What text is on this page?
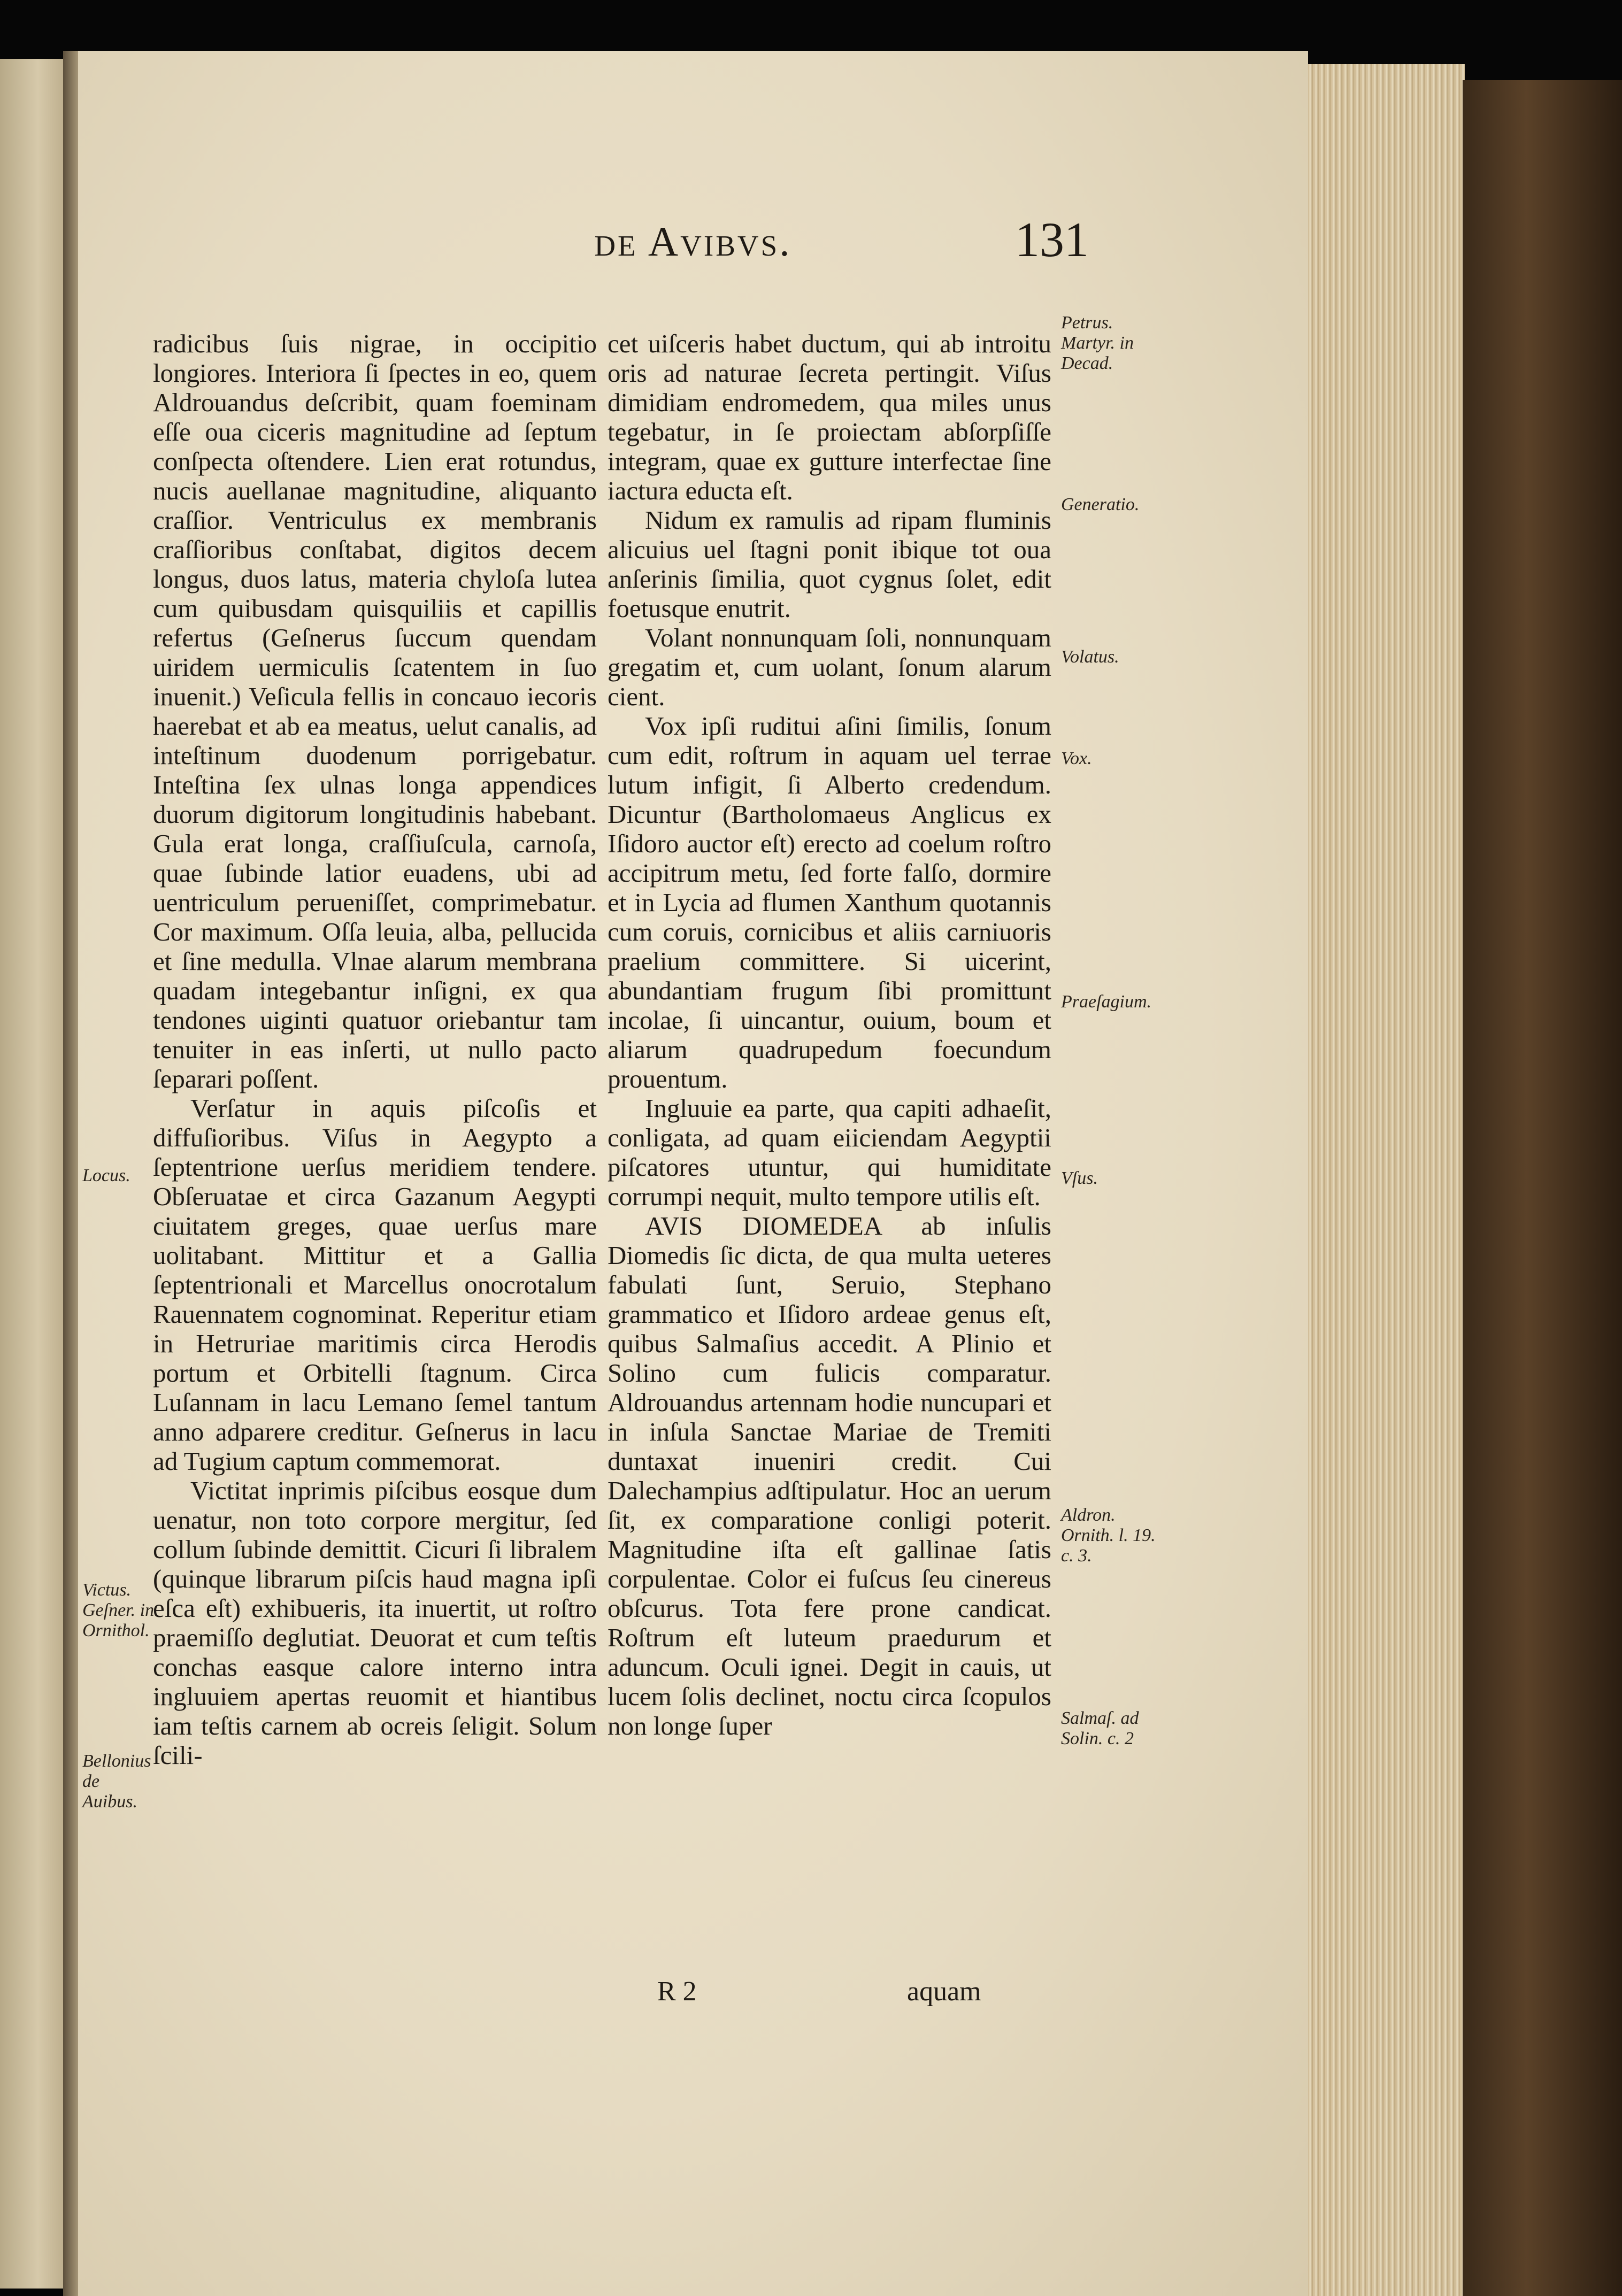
de Avibvs.	131

radicibus ſuis nigrae, in occipitio longiores. Interiora ſi ſpectes in eo, quem Aldrouandus deſcribit, quam foeminam eſſe oua ciceris magnitudine ad ſeptum conſpecta oſtendere. Lien erat rotundus, nucis auellanae magnitudine, aliquanto craſſior. Ventriculus ex membranis craſſioribus conſtabat, digitos decem longus, duos latus, materia chyloſa lutea cum quibusdam quisquiliis et capillis refertus (Geſnerus ſuccum quendam uiridem uermiculis ſcatentem in ſuo inuenit.) Veſicula fellis in concauo iecoris haerebat et ab ea meatus, uelut canalis, ad inteſtinum duodenum porrigebatur. Inteſtina ſex ulnas longa appendices duorum digitorum longitudinis habebant. Gula erat longa, craſſiuſcula, carnoſa, quae ſubinde latior euadens, ubi ad uentriculum perueniſſet, comprimebatur. Cor maximum. Oſſa leuia, alba, pellucida et ſine medulla. Vlnae alarum membrana quadam integebantur inſigni, ex qua tendones uiginti quatuor oriebantur tam tenuiter in eas inſerti, ut nullo pacto ſeparari poſſent.

Verſatur in aquis piſcoſis et diffuſioribus. Viſus in Aegypto a ſeptentrione uerſus meridiem tendere. Obſeruatae et circa Gazanum Aegypti ciuitatem greges, quae uerſus mare uolitabant. Mittitur et a Gallia ſeptentrionali et Marcellus onocrotalum Rauennatem cognominat. Reperitur etiam in Hetruriae maritimis circa Herodis portum et Orbitelli ſtagnum. Circa Luſannam in lacu Lemano ſemel tantum anno adparere creditur. Geſnerus in lacu ad Tugium captum commemorat.

Victitat inprimis piſcibus eosque dum uenatur, non toto corpore mergitur, ſed collum ſubinde demittit. Cicuri ſi libralem (quinque librarum piſcis haud magna ipſi eſca eſt) exhibueris, ita inuertit, ut roſtro praemiſſo deglutiat. Deuorat et cum teſtis conchas easque calore interno intra ingluuiem apertas reuomit et hiantibus iam teſtis carnem ab ocreis ſeligit. Solum ſcili-

cet uiſceris habet ductum, qui ab introitu oris ad naturae ſecreta pertingit. Viſus dimidiam endromedem, qua miles unus tegebatur, in ſe proiectam abſorpſiſſe integram, quae ex gutture interfectae ſine iactura educta eſt.

Nidum ex ramulis ad ripam fluminis alicuius uel ſtagni ponit ibique tot oua anſerinis ſimilia, quot cygnus ſolet, edit foetusque enutrit.

Volant nonnunquam ſoli, nonnunquam gregatim et, cum uolant, ſonum alarum cient.

Vox ipſi ruditui aſini ſimilis, ſonum cum edit, roſtrum in aquam uel terrae lutum infigit, ſi Alberto credendum. Dicuntur (Bartholomaeus Anglicus ex Iſidoro auctor eſt) erecto ad coelum roſtro accipitrum metu, ſed forte falſo, dormire et in Lycia ad flumen Xanthum quotannis cum coruis, cornicibus et aliis carniuoris praelium committere. Si uicerint, abundantiam frugum ſibi promittunt incolae, ſi uincantur, ouium, boum et aliarum quadrupedum foecundum prouentum.

Ingluuie ea parte, qua capiti adhaeſit, conligata, ad quam eiiciendam Aegyptii piſcatores utuntur, qui humiditate corrumpi nequit, multo tempore utilis eſt.

AVIS DIOMEDEA ab inſulis Diomedis ſic dicta, de qua multa ueteres fabulati ſunt, Seruio, Stephano grammatico et Iſidoro ardeae genus eſt, quibus Salmaſius accedit. A Plinio et Solino cum fulicis comparatur. Aldrouandus artennam hodie nuncupari et in inſula Sanctae Mariae de Tremiti duntaxat inueniri credit. Cui Dalechampius adſtipulatur. Hoc an uerum ſit, ex comparatione conligi poterit. Magnitudine iſta eſt gallinae ſatis corpulentae. Color ei fuſcus ſeu cinereus obſcurus. Tota fere prone candicat. Roſtrum eſt luteum praedurum et aduncum. Oculi ignei. Degit in cauis, ut lucem ſolis declinet, noctu circa ſcopulos non longe ſuper

Locus.
Victus. Geſner. in Ornithol.
Bellonius de Auibus.
Petrus. Martyr. in Decad.
Generatio.
Volatus.
Vox.
Praeſagium.
Vſus.
Aldron. Ornith. l. 19. c. 3.
Salmaſ. ad Solin. c. 2
R 2	aquam
